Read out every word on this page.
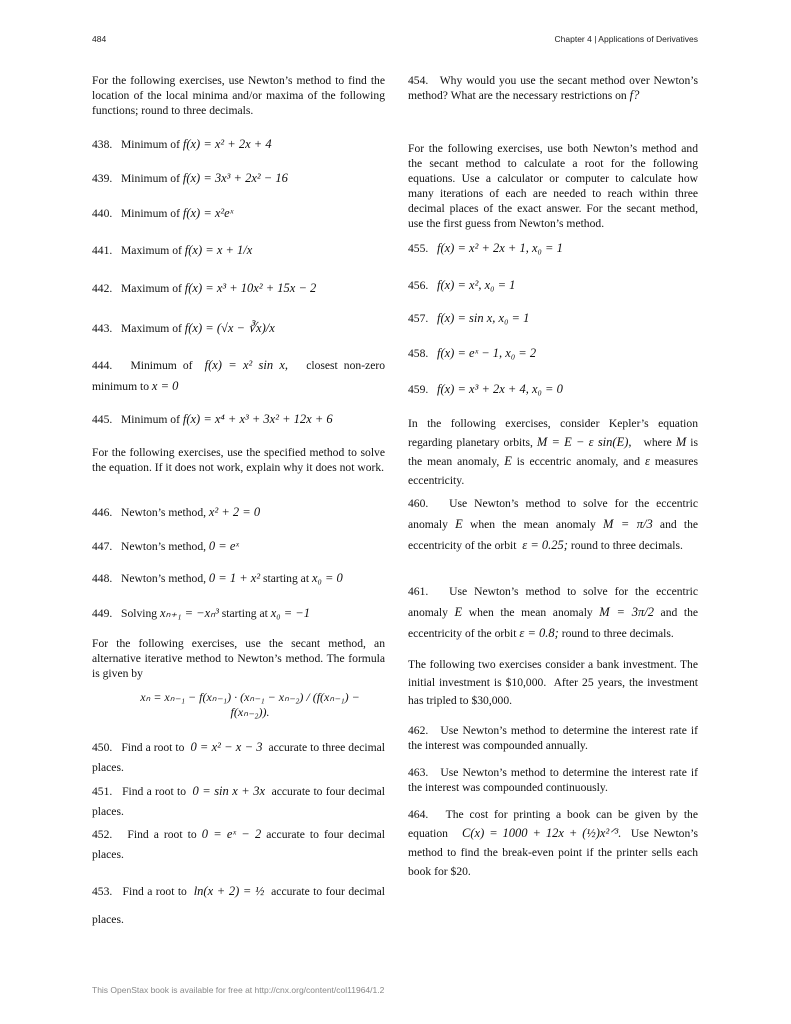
484	Chapter 4 | Applications of Derivatives
For the following exercises, use Newton’s method to find the location of the local minima and/or maxima of the following functions; round to three decimals.
438. Minimum of f(x) = x² + 2x + 4
439. Minimum of f(x) = 3x³ + 2x² − 16
440. Minimum of f(x) = x²eˣ
441. Maximum of f(x) = x + 1/x
442. Maximum of f(x) = x³ + 10x² + 15x − 2
443. Maximum of f(x) = (√x − ∛x)/x
444. Minimum of f(x) = x² sin x, closest non-zero minimum to x = 0
445. Minimum of f(x) = x⁴ + x³ + 3x² + 12x + 6
For the following exercises, use the specified method to solve the equation. If it does not work, explain why it does not work.
446. Newton’s method, x² + 2 = 0
447. Newton’s method, 0 = eˣ
448. Newton’s method, 0 = 1 + x² starting at x₀ = 0
449. Solving xₙ₊₁ = −xₙ³ starting at x₀ = −1
For the following exercises, use the secant method, an alternative iterative method to Newton’s method. The formula is given by
xₙ = xₙ₋₁ − f(xₙ₋₁) · (xₙ₋₁ − xₙ₋₂) / (f(xₙ₋₁) − f(xₙ₋₂)).
450. Find a root to 0 = x² − x − 3 accurate to three decimal places.
451. Find a root to 0 = sin x + 3x accurate to four decimal places.
452. Find a root to 0 = eˣ − 2 accurate to four decimal places.
453. Find a root to ln(x + 2) = ½ accurate to four decimal places.
454. Why would you use the secant method over Newton’s method? What are the necessary restrictions on f?
For the following exercises, use both Newton’s method and the secant method to calculate a root for the following equations. Use a calculator or computer to calculate how many iterations of each are needed to reach within three decimal places of the exact answer. For the secant method, use the first guess from Newton’s method.
455. f(x) = x² + 2x + 1, x₀ = 1
456. f(x) = x², x₀ = 1
457. f(x) = sin x, x₀ = 1
458. f(x) = eˣ − 1, x₀ = 2
459. f(x) = x³ + 2x + 4, x₀ = 0
In the following exercises, consider Kepler’s equation regarding planetary orbits, M = E − ε sin(E), where M is the mean anomaly, E is eccentric anomaly, and ε measures eccentricity.
460. Use Newton’s method to solve for the eccentric anomaly E when the mean anomaly M = π/3 and the eccentricity of the orbit ε = 0.25; round to three decimals.
461. Use Newton’s method to solve for the eccentric anomaly E when the mean anomaly M = 3π/2 and the eccentricity of the orbit ε = 0.8; round to three decimals.
The following two exercises consider a bank investment. The initial investment is $10,000. After 25 years, the investment has tripled to $30,000.
462. Use Newton’s method to determine the interest rate if the interest was compounded annually.
463. Use Newton’s method to determine the interest rate if the interest was compounded continuously.
464. The cost for printing a book can be given by the equation C(x) = 1000 + 12x + (½)x²ᐟ³. Use Newton’s method to find the break-even point if the printer sells each book for $20.
This OpenStax book is available for free at http://cnx.org/content/col11964/1.2
